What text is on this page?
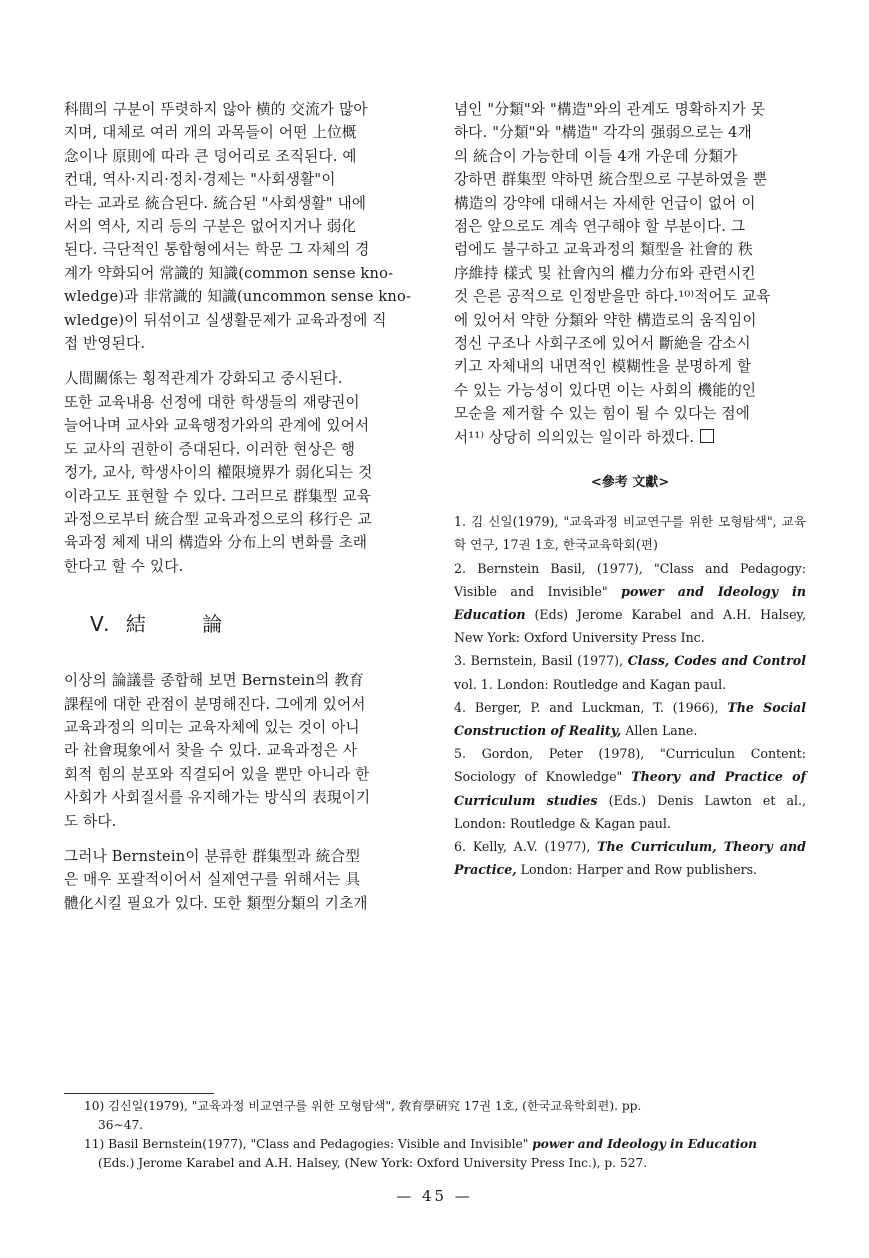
科間의 구분이 뚜렷하지 않아 横的 交流가 많아
지며, 대체로 여러 개의 과목들이 어떤 上位概
念이나 原則에 따라 큰 덩어리로 조직된다. 예
컨대, 역사·지리·정치·경제는 "사회생활"이
라는 교과로 統合된다. 統合된 "사회생활" 내에
서의 역사, 지리 등의 구분은 없어지거나 弱化
된다. 극단적인 통합형에서는 학문 그 자체의 경
계가 약화되어 常識的 知識(common sense kno-
wledge)과 非常識的 知識(uncommon sense kno-
wledge)이 뒤섞이고 실생활문제가 교육과정에 직
접 반영된다.

人間關係는 횡적관계가 강화되고 중시된다.
또한 교육내용 선정에 대한 학생들의 재량권이
늘어나며 교사와 교육행정가와의 관계에 있어서
도 교사의 권한이 증대된다. 이러한 현상은 행
정가, 교사, 학생사이의 權限境界가 弱化되는 것
이라고도 표현할 수 있다. 그러므로 群集型 교육
과정으로부터 統合型 교육과정으로의 移行은 교
육과정 체제 내의 構造와 分布上의 변화를 초래
한다고 할 수 있다.

V. 結	論

이상의 論議를 종합해 보면 Bernstein의 教育
課程에 대한 관점이 분명해진다. 그에게 있어서
교육과정의 의미는 교육자체에 있는 것이 아니
라 社會現象에서 찾을 수 있다. 교육과정은 사
회적 힘의 분포와 직결되어 있을 뿐만 아니라 한
사회가 사회질서를 유지해가는 방식의 表現이기
도 하다.

그러나 Bernstein이 분류한 群集型과 統合型
은 매우 포괄적이어서 실제연구를 위해서는 具
體化시킬 필요가 있다. 또한 類型分類의 기초개

념인 "分類"와 "構造"와의 관계도 명확하지가 못
하다. "分類"와 "構造" 각각의 强弱으로는 4개
의 統合이 가능한데 이들 4개 가운데 分類가
강하면 群集型 약하면 統合型으로 구분하였을 뿐
構造의 강약에 대해서는 자세한 언급이 없어 이
점은 앞으로도 계속 연구해야 할 부분이다. 그
럼에도 불구하고 교육과정의 類型을 社會的 秩
序維持 樣式 및 社會內의 權力分布와 관련시킨
것 은른 공적으로 인정받을만 하다.¹⁰⁾적어도 교육
에 있어서 약한 分類와 약한 構造로의 움직임이
정신 구조나 사회구조에 있어서 斷絶을 감소시
키고 자체내의 내면적인 模糊性을 분명하게 할
수 있는 가능성이 있다면 이는 사회의 機能的인
모순을 제거할 수 있는 힘이 될 수 있다는 점에
서¹¹⁾ 상당히 의의있는 일이라 하겠다.

<參考 文獻>

1. 김 신일(1979), "교육과정 비교연구를 위한 모형탐색", 교육학 연구, 17권 1호, 한국교육학회(편)

2. Bernstein Basil, (1977), "Class and Pedagogy: Visible and Invisible" power and Ideology in Education (Eds) Jerome Karabel and A.H. Halsey, New York: Oxford University Press Inc.

3. Bernstein, Basil (1977), Class, Codes and Control vol. 1. London: Routledge and Kagan paul.

4. Berger, P. and Luckman, T. (1966), The Social Construction of Reality, Allen Lane.

5. Gordon, Peter (1978), "Curriculun Content: Sociology of Knowledge" Theory and Practice of Curriculum studies (Eds.) Denis Lawton et al., London: Routledge & Kagan paul.

6. Kelly, A.V. (1977), The Curriculum, Theory and Practice, London: Harper and Row publishers.

10) 김신일(1979), "교육과정 비교연구를 위한 모형탐색", 敎育學硏究 17권 1호, (한국교육학회편). pp.
36∼47.

11) Basil Bernstein(1977), "Class and Pedagogies: Visible and Invisible" power and Ideology in Education
(Eds.) Jerome Karabel and A.H. Halsey, (New York: Oxford University Press Inc.), p. 527.

— 45 —
